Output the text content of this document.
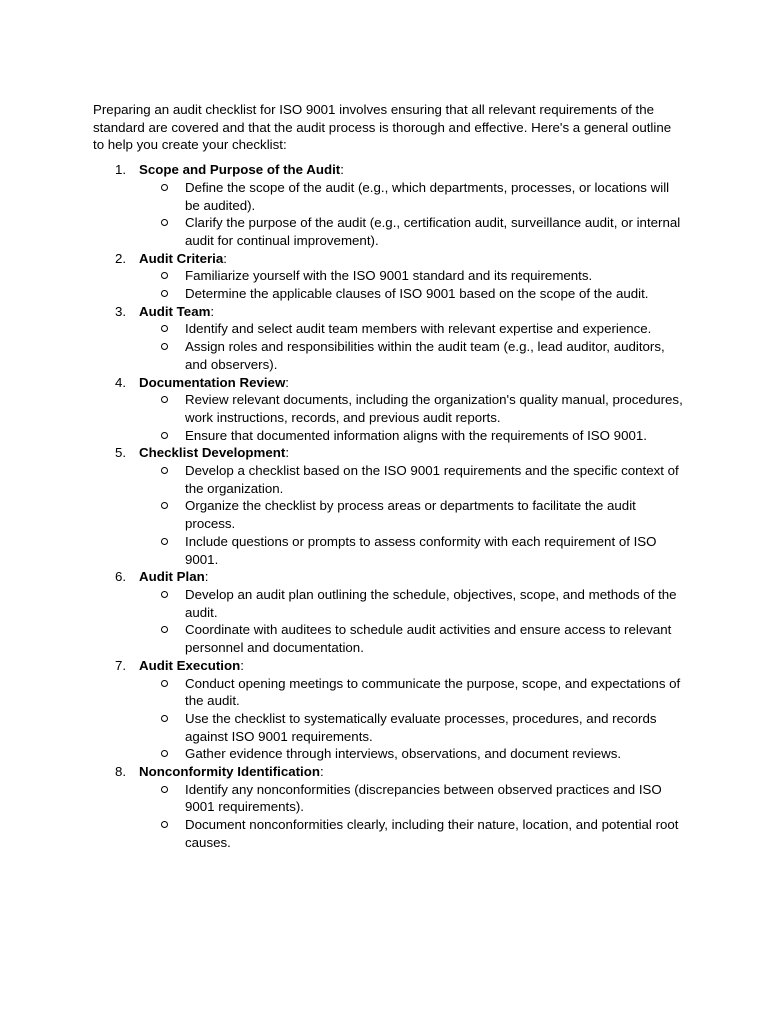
Preparing an audit checklist for ISO 9001 involves ensuring that all relevant requirements of the standard are covered and that the audit process is thorough and effective. Here's a general outline to help you create your checklist:

1. Scope and Purpose of the Audit:
Define the scope of the audit (e.g., which departments, processes, or locations will be audited).
Clarify the purpose of the audit (e.g., certification audit, surveillance audit, or internal audit for continual improvement).
2. Audit Criteria:
Familiarize yourself with the ISO 9001 standard and its requirements.
Determine the applicable clauses of ISO 9001 based on the scope of the audit.
3. Audit Team:
Identify and select audit team members with relevant expertise and experience.
Assign roles and responsibilities within the audit team (e.g., lead auditor, auditors, and observers).
4. Documentation Review:
Review relevant documents, including the organization's quality manual, procedures, work instructions, records, and previous audit reports.
Ensure that documented information aligns with the requirements of ISO 9001.
5. Checklist Development:
Develop a checklist based on the ISO 9001 requirements and the specific context of the organization.
Organize the checklist by process areas or departments to facilitate the audit process.
Include questions or prompts to assess conformity with each requirement of ISO 9001.
6. Audit Plan:
Develop an audit plan outlining the schedule, objectives, scope, and methods of the audit.
Coordinate with auditees to schedule audit activities and ensure access to relevant personnel and documentation.
7. Audit Execution:
Conduct opening meetings to communicate the purpose, scope, and expectations of the audit.
Use the checklist to systematically evaluate processes, procedures, and records against ISO 9001 requirements.
Gather evidence through interviews, observations, and document reviews.
8. Nonconformity Identification:
Identify any nonconformities (discrepancies between observed practices and ISO 9001 requirements).
Document nonconformities clearly, including their nature, location, and potential root causes.
